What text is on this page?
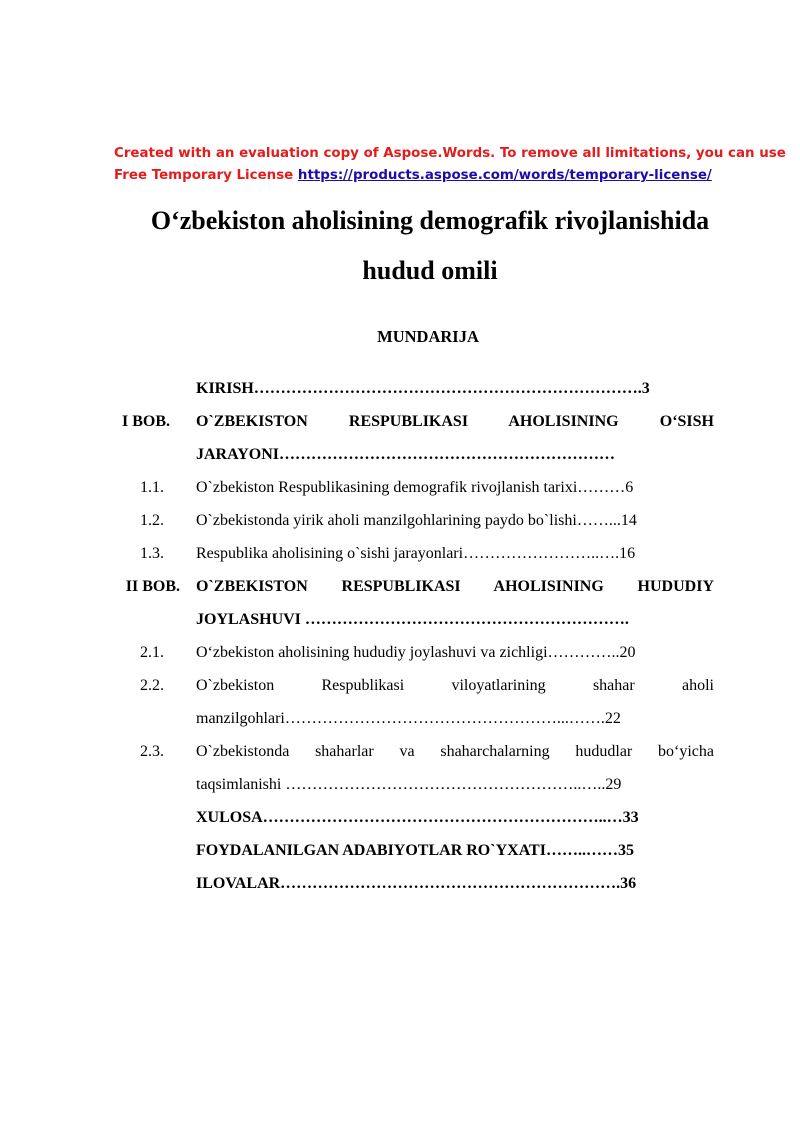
Created with an evaluation copy of Aspose.Words. To remove all limitations, you can use
Free Temporary License https://products.aspose.com/words/temporary-license/
O‘zbekiston aholisining demografik rivojlanishida
hudud omili
MUNDARIJA
KIRISH……………………………………………………………….3
I BOB. O`ZBEKISTON RESPUBLIKASI AHOLISINING O‘SISH
JARAYONI………………………………………………………
1.1. O`zbekiston Respublikasining demografik rivojlanish tarixi………6
1.2. O`zbekistonda yirik aholi manzilgohlarining paydo bo`lishi……...14
1.3. Respublika aholisining o`sishi jarayonlari……………………..….16
II BOB. O`ZBEKISTON RESPUBLIKASI AHOLISINING HUDUDIY
JOYLASHUVI …………………………………………………….
2.1. O‘zbekiston aholisining hududiy joylashuvi va zichligi…………..20
2.2. O`zbekiston Respublikasi viloyatlarining shahar aholi
manzilgohlari……………………………………………...…….22
2.3. O`zbekistonda shaharlar va shaharchalarning hududlar bo‘yicha
taqsimlanishi ………………………………………………..…..29
XULOSA………………………………………………………..…33
FOYDALANILGAN ADABIYOTLAR RO`YXATI……..……35
ILOVALAR……………………………………………………….36
